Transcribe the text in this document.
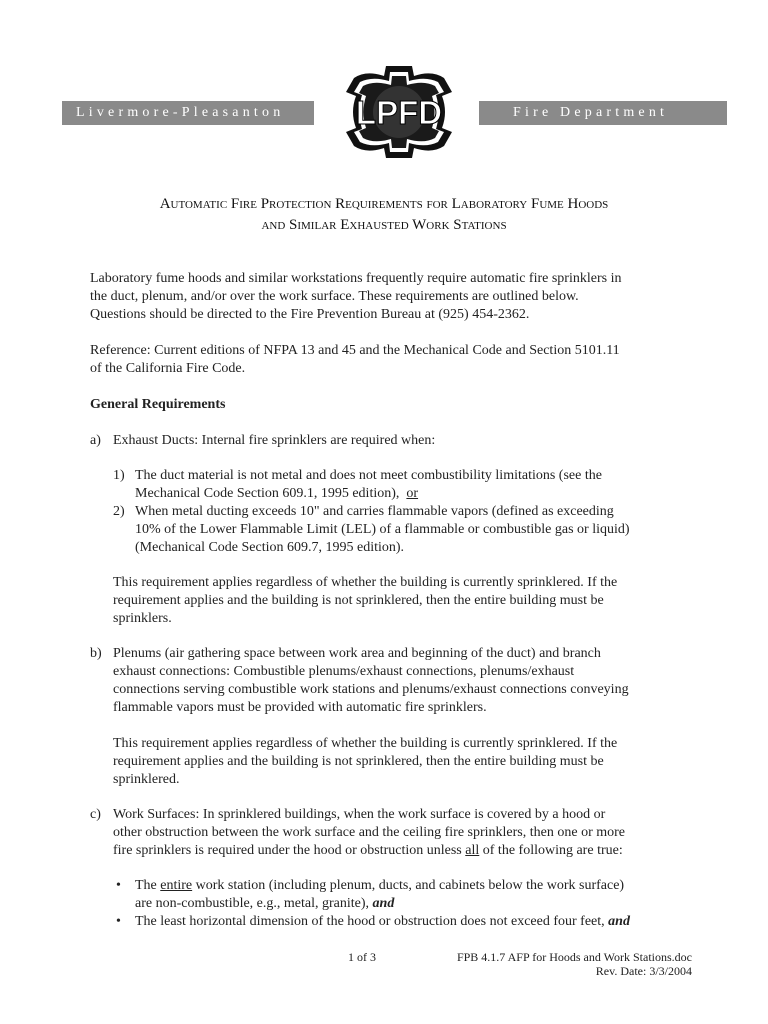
Livermore-Pleasanton	Fire Department
LPFD
Automatic Fire Protection Requirements for Laboratory Fume Hoods
and Similar Exhausted Work Stations
Laboratory fume hoods and similar workstations frequently require automatic fire sprinklers in
the duct, plenum, and/or over the work surface. These requirements are outlined below.
Questions should be directed to the Fire Prevention Bureau at (925) 454-2362.
Reference: Current editions of NFPA 13 and 45 and the Mechanical Code and Section 5101.11
of the California Fire Code.
General Requirements
a) Exhaust Ducts: Internal fire sprinklers are required when:
1) The duct material is not metal and does not meet combustibility limitations (see the
Mechanical Code Section 609.1, 1995 edition), or
2) When metal ducting exceeds 10" and carries flammable vapors (defined as exceeding
10% of the Lower Flammable Limit (LEL) of a flammable or combustible gas or liquid)
(Mechanical Code Section 609.7, 1995 edition).
This requirement applies regardless of whether the building is currently sprinklered. If the
requirement applies and the building is not sprinklered, then the entire building must be
sprinklers.
b) Plenums (air gathering space between work area and beginning of the duct) and branch
exhaust connections: Combustible plenums/exhaust connections, plenums/exhaust
connections serving combustible work stations and plenums/exhaust connections conveying
flammable vapors must be provided with automatic fire sprinklers.
This requirement applies regardless of whether the building is currently sprinklered. If the
requirement applies and the building is not sprinklered, then the entire building must be
sprinklered.
c) Work Surfaces: In sprinklered buildings, when the work surface is covered by a hood or
other obstruction between the work surface and the ceiling fire sprinklers, then one or more
fire sprinklers is required under the hood or obstruction unless all of the following are true:
• The entire work station (including plenum, ducts, and cabinets below the work surface)
are non-combustible, e.g., metal, granite), and
• The least horizontal dimension of the hood or obstruction does not exceed four feet, and
1 of 3	FPB 4.1.7 AFP for Hoods and Work Stations.doc
Rev. Date: 3/3/2004
